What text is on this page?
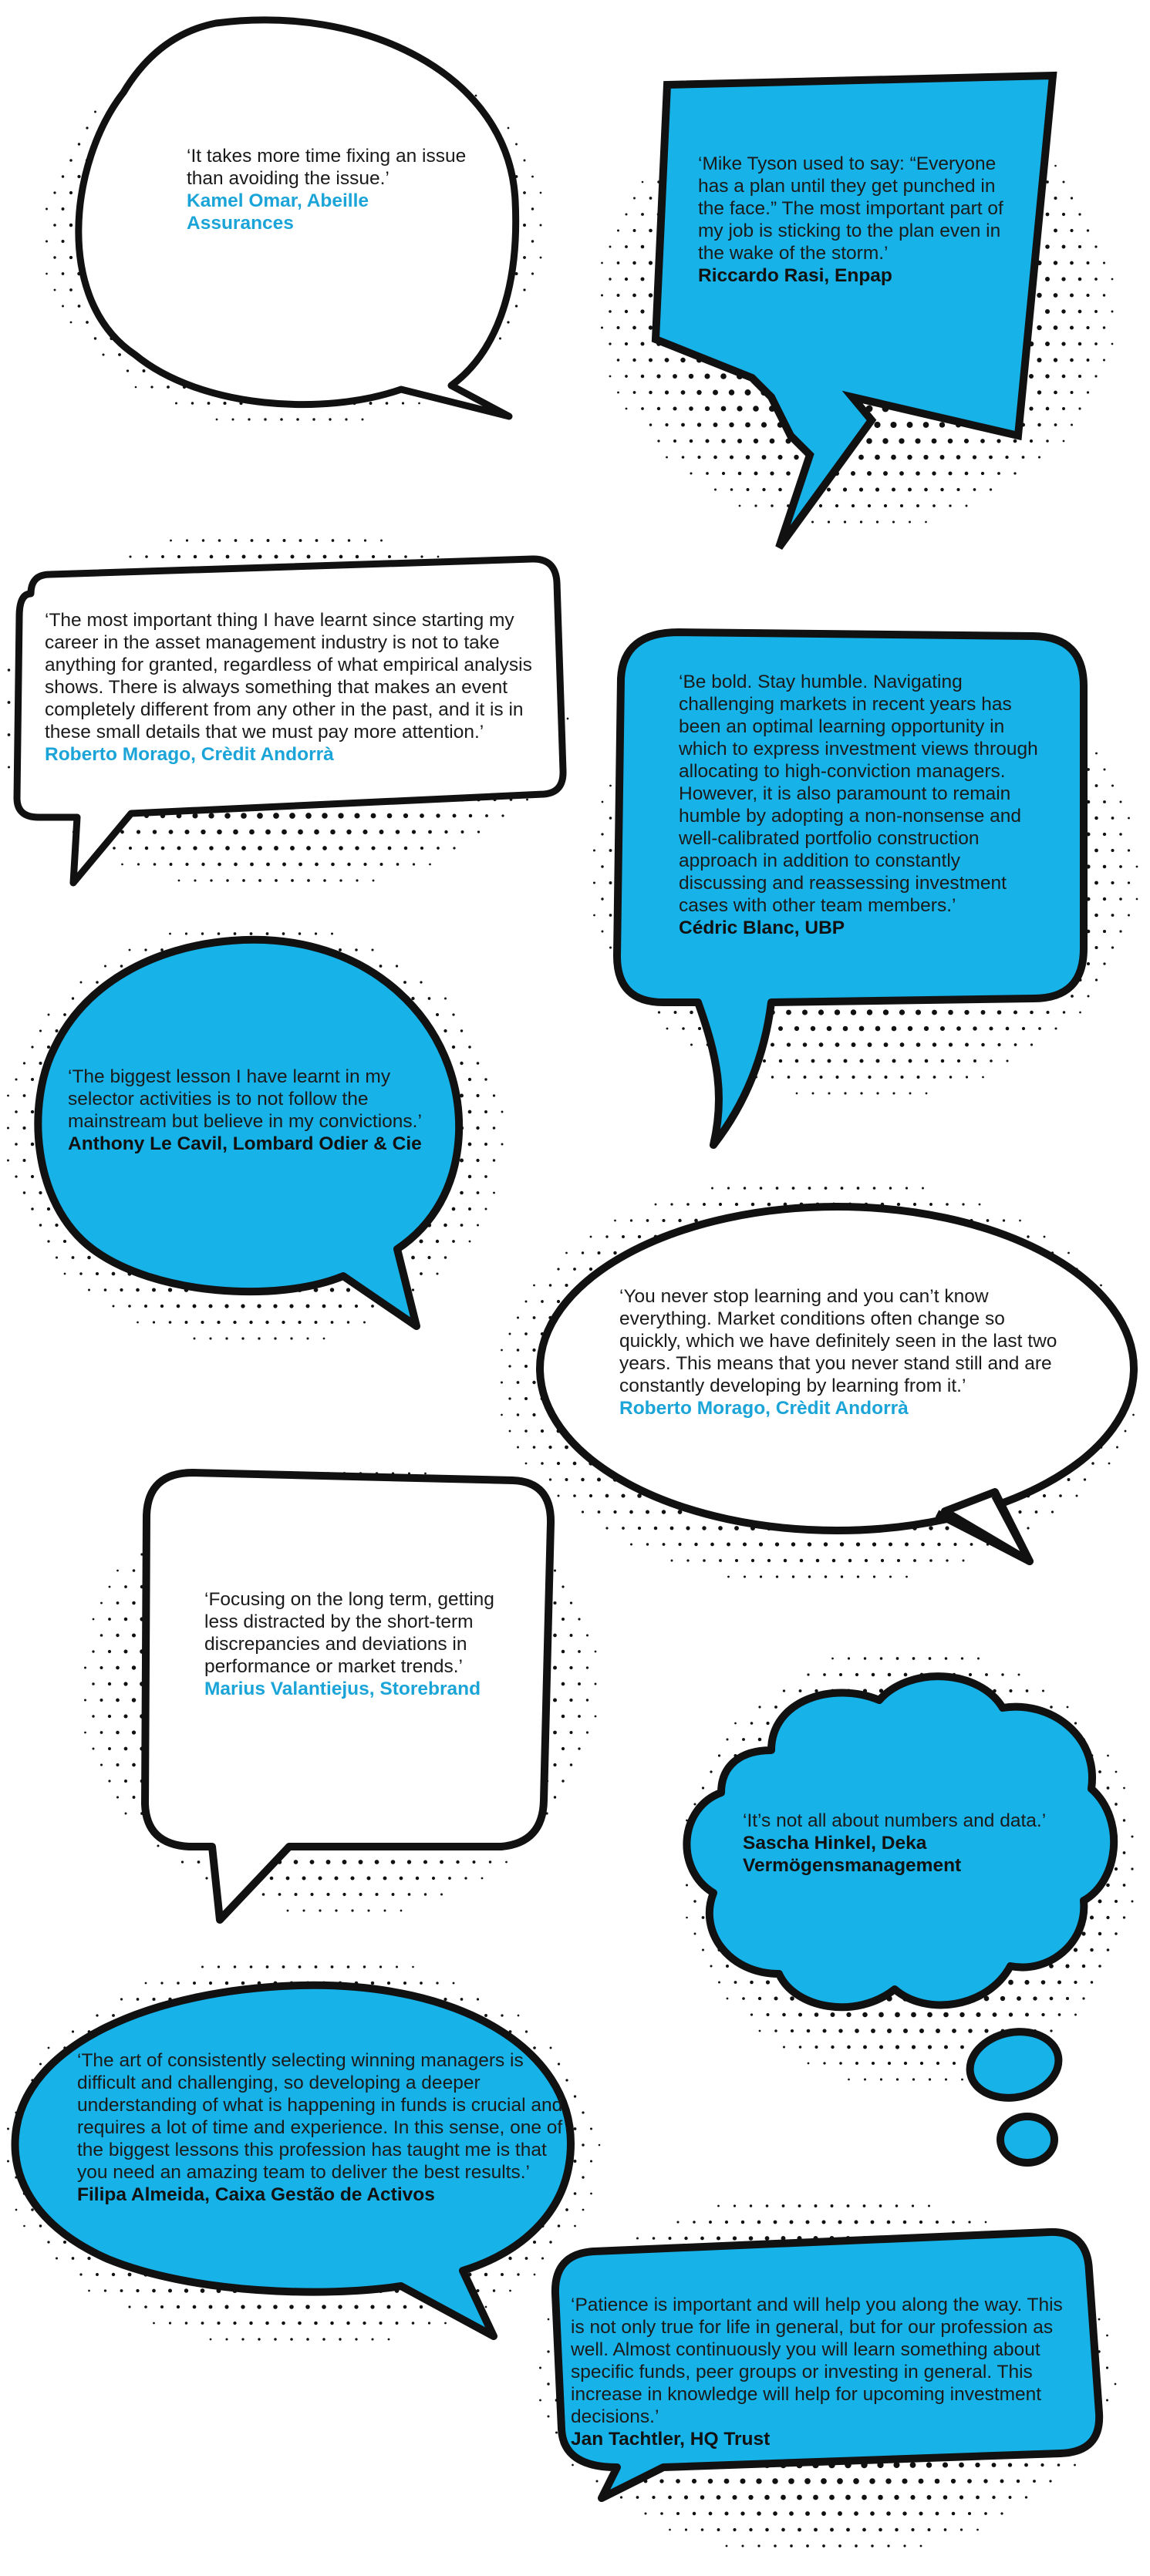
‘It takes more time fixing an issue than avoiding the issue.’
Kamel Omar, Abeille Assurances
‘Mike Tyson used to say: “Everyone has a plan until they get punched in the face.” The most important part of my job is sticking to the plan even in the wake of the storm.’
Riccardo Rasi, Enpap
‘The most important thing I have learnt since starting my career in the asset management industry is not to take anything for granted, regardless of what empirical analysis shows. There is always something that makes an event completely different from any other in the past, and it is in these small details that we must pay more attention.’
Roberto Morago, Crèdit Andorrà
‘Be bold. Stay humble. Navigating challenging markets in recent years has been an optimal learning opportunity in which to express investment views through allocating to high-conviction managers. However, it is also paramount to remain humble by adopting a non-nonsense and well-calibrated portfolio construction approach in addition to constantly discussing and reassessing investment cases with other team members.’
Cédric Blanc, UBP
‘The biggest lesson I have learnt in my selector activities is to not follow the mainstream but believe in my convictions.’
Anthony Le Cavil, Lombard Odier & Cie
‘You never stop learning and you can’t know everything. Market conditions often change so quickly, which we have definitely seen in the last two years. This means that you never stand still and are constantly developing by learning from it.’
Roberto Morago, Crèdit Andorrà
‘Focusing on the long term, getting less distracted by the short-term discrepancies and deviations in performance or market trends.’
Marius Valantiejus, Storebrand
‘It’s not all about numbers and data.’
Sascha Hinkel, Deka Vermögensmanagement
‘The art of consistently selecting winning managers is difficult and challenging, so developing a deeper understanding of what is happening in funds is crucial and requires a lot of time and experience. In this sense, one of the biggest lessons this profession has taught me is that you need an amazing team to deliver the best results.’
Filipa Almeida, Caixa Gestão de Activos
‘Patience is important and will help you along the way. This is not only true for life in general, but for our profession as well. Almost continuously you will learn something about specific funds, peer groups or investing in general. This increase in knowledge will help for upcoming investment decisions.’
Jan Tachtler, HQ Trust
